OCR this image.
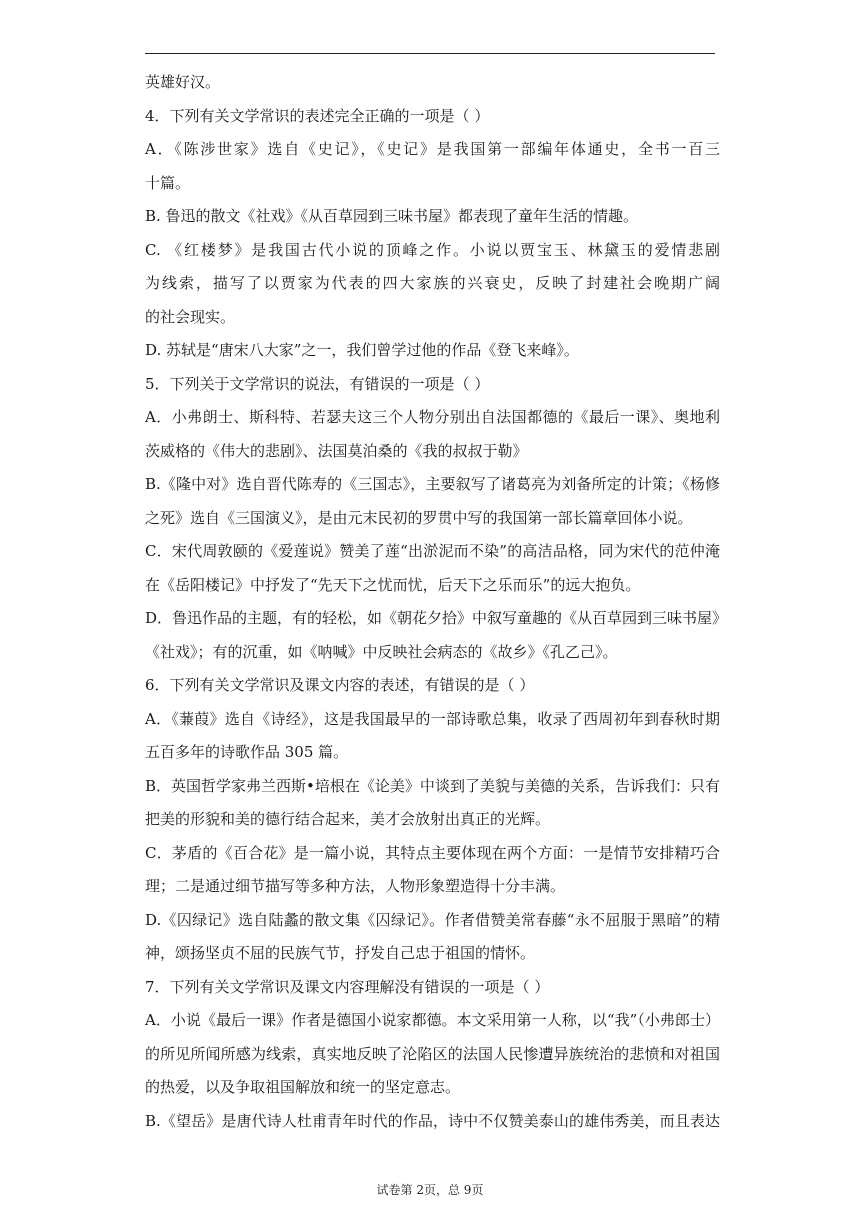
英雄好汉。
4．下列有关文学常识的表述完全正确的一项是（ ）
A．《陈涉世家》选自《史记》，《史记》是我国第一部编年体通史，全书一百三
十篇。
B. 鲁迅的散文《社戏》《从百草园到三味书屋》都表现了童年生活的情趣。
C. 《红楼梦》是我国古代小说的顶峰之作。小说以贾宝玉、林黛玉的爱情悲剧
为线索，描写了以贾家为代表的四大家族的兴衰史，反映了封建社会晚期广阔
的社会现实。
D. 苏轼是“唐宋八大家”之一，我们曾学过他的作品《登飞来峰》。
5．下列关于文学常识的说法，有错误的一项是（ ）
A．小弗朗士、斯科特、若瑟夫这三个人物分别出自法国都德的《最后一课》、奥地利
茨威格的《伟大的悲剧》、法国莫泊桑的《我的叔叔于勒》
B.《隆中对》选自晋代陈寿的《三国志》，主要叙写了诸葛亮为刘备所定的计策；《杨修
之死》选自《三国演义》，是由元末民初的罗贯中写的我国第一部长篇章回体小说。
C．宋代周敦颐的《爱莲说》赞美了莲“出淤泥而不染”的高洁品格，同为宋代的范仲淹
在《岳阳楼记》中抒发了“先天下之忧而忧，后天下之乐而乐”的远大抱负。
D．鲁迅作品的主题，有的轻松，如《朝花夕拾》中叙写童趣的《从百草园到三味书屋》
《社戏》；有的沉重，如《呐喊》中反映社会病态的《故乡》《孔乙己》。
6．下列有关文学常识及课文内容的表述，有错误的是（ ）
A．《蒹葭》选自《诗经》，这是我国最早的一部诗歌总集，收录了西周初年到春秋时期
五百多年的诗歌作品 305 篇。
B．英国哲学家弗兰西斯•培根在《论美》中谈到了美貌与美德的关系，告诉我们：只有
把美的形貌和美的德行结合起来，美才会放射出真正的光辉。
C．茅盾的《百合花》是一篇小说，其特点主要体现在两个方面：一是情节安排精巧合
理；二是通过细节描写等多种方法，人物形象塑造得十分丰满。
D.《囚绿记》选自陆蠡的散文集《囚绿记》。作者借赞美常春藤“永不屈服于黑暗”的精
神，颂扬坚贞不屈的民族气节，抒发自己忠于祖国的情怀。
7．下列有关文学常识及课文内容理解没有错误的一项是（ ）
A．小说《最后一课》作者是德国小说家都德。本文采用第一人称，以“我”（小弗郎士）
的所见所闻所感为线索，真实地反映了沦陷区的法国人民惨遭异族统治的悲愤和对祖国
的热爱，以及争取祖国解放和统一的坚定意志。
B.《望岳》是唐代诗人杜甫青年时代的作品，诗中不仅赞美泰山的雄伟秀美，而且表达
试卷第 2页，总 9页
